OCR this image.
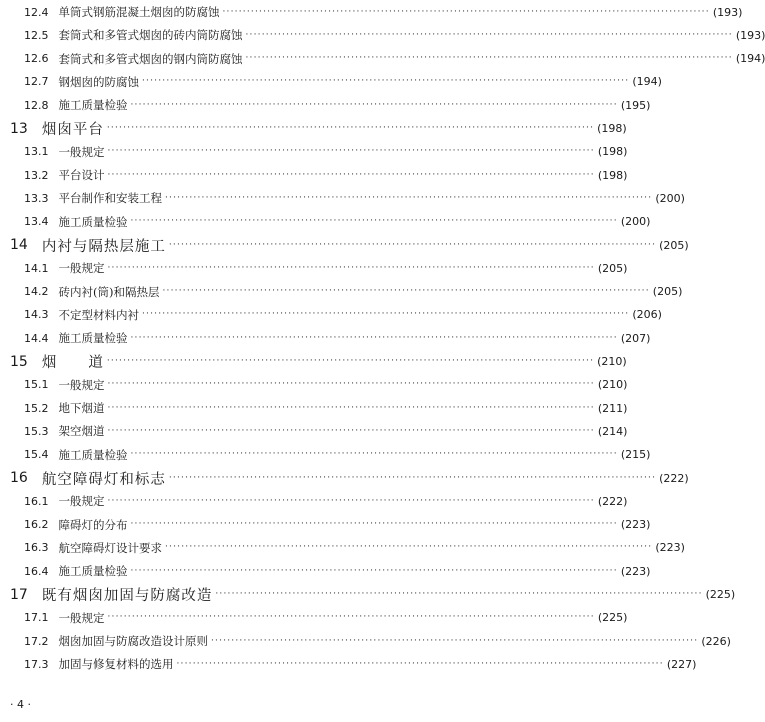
12.4 单筒式钢筋混凝土烟囱的防腐蚀 ························································································································ (193)
12.5 套筒式和多管式烟囱的砖内筒防腐蚀 ························································································································ (193)
12.6 套筒式和多管式烟囱的钢内筒防腐蚀 ························································································································ (194)
12.7 钢烟囱的防腐蚀 ························································································································ (194)
12.8 施工质量检验 ························································································································ (195)
13 烟囱平台 ························································································································ (198)
13.1 一般规定 ························································································································ (198)
13.2 平台设计 ························································································································ (198)
13.3 平台制作和安装工程 ························································································································ (200)
13.4 施工质量检验 ························································································································ (200)
14 内衬与隔热层施工 ························································································································ (205)
14.1 一般规定 ························································································································ (205)
14.2 砖内衬(筒)和隔热层 ························································································································ (205)
14.3 不定型材料内衬 ························································································································ (206)
14.4 施工质量检验 ························································································································ (207)
15 烟　　道 ························································································································ (210)
15.1 一般规定 ························································································································ (210)
15.2 地下烟道 ························································································································ (211)
15.3 架空烟道 ························································································································ (214)
15.4 施工质量检验 ························································································································ (215)
16 航空障碍灯和标志 ························································································································ (222)
16.1 一般规定 ························································································································ (222)
16.2 障碍灯的分布 ························································································································ (223)
16.3 航空障碍灯设计要求 ························································································································ (223)
16.4 施工质量检验 ························································································································ (223)
17 既有烟囱加固与防腐改造 ························································································································ (225)
17.1 一般规定 ························································································································ (225)
17.2 烟囱加固与防腐改造设计原则 ························································································································ (226)
17.3 加固与修复材料的选用 ························································································································ (227)
· 4 ·
